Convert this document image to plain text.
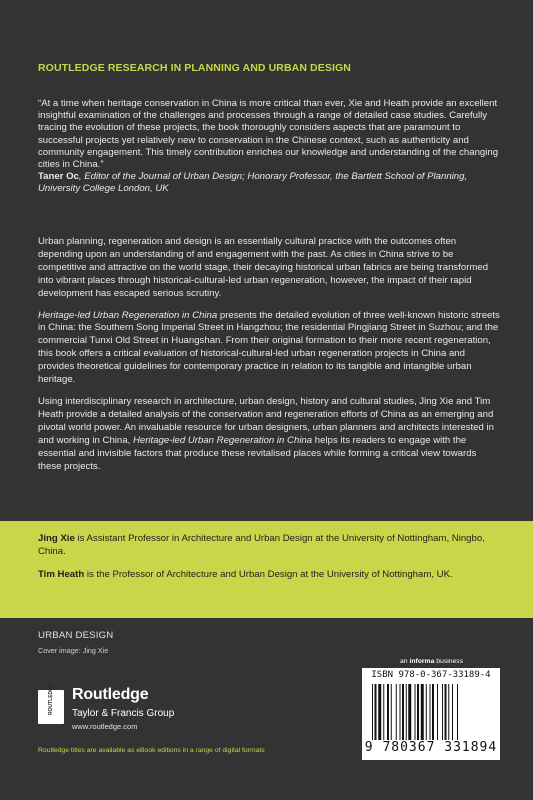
ROUTLEDGE RESEARCH IN PLANNING AND URBAN DESIGN
“At a time when heritage conservation in China is more critical than ever, Xie and Heath provide an excellent insightful examination of the challenges and processes through a range of detailed case studies. Carefully tracing the evolution of these projects, the book thoroughly considers aspects that are paramount to successful projects yet relatively new to conservation in the Chinese context, such as authenticity and community engagement. This timely contribution enriches our knowledge and understanding of the changing cities in China.”
Taner Oc, Editor of the Journal of Urban Design; Honorary Professor, the Bartlett School of Planning, University College London, UK

Urban planning, regeneration and design is an essentially cultural practice with the outcomes often depending upon an understanding of and engagement with the past. As cities in China strive to be competitive and attractive on the world stage, their decaying historical urban fabrics are being transformed into vibrant places through historical-cultural-led urban regeneration, however, the impact of their rapid development has escaped serious scrutiny.

Heritage-led Urban Regeneration in China presents the detailed evolution of three well-known historic streets in China: the Southern Song Imperial Street in Hangzhou; the residential Pingjiang Street in Suzhou; and the commercial Tunxi Old Street in Huangshan. From their original formation to their more recent regeneration, this book offers a critical evaluation of historical-cultural-led urban regeneration projects in China and provides theoretical guidelines for contemporary practice in relation to its tangible and intangible urban heritage.

Using interdisciplinary research in architecture, urban design, history and cultural studies, Jing Xie and Tim Heath provide a detailed analysis of the conservation and regeneration efforts of China as an emerging and pivotal world power. An invaluable resource for urban designers, urban planners and architects interested in and working in China, Heritage-led Urban Regeneration in China helps its readers to engage with the essential and invisible factors that produce these revitalised places while forming a critical view towards these projects.

Jing Xie is Assistant Professor in Architecture and Urban Design at the University of Nottingham, Ningbo, China.

Tim Heath is the Professor of Architecture and Urban Design at the University of Nottingham, UK.

URBAN DESIGN
Cover image: Jing Xie
ROUTLEDGE Routledge
Taylor & Francis Group
www.routledge.com
Routledge titles are available as eBook editions in a range of digital formats
an informa business
ISBN 978-0-367-33189-4
9 780367 331894
